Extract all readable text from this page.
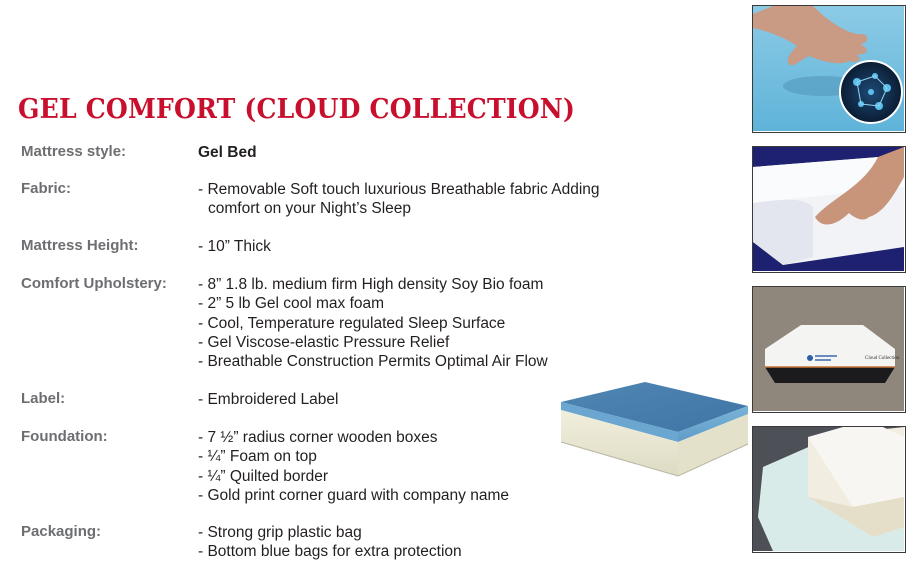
GEL COMFORT (CLOUD COLLECTION)
Mattress style:	Gel Bed
Fabric:	- Removable Soft touch luxurious Breathable fabric Adding
comfort on your Night’s Sleep
Mattress Height:	- 10” Thick
Comfort Upholstery: - 8” 1.8 lb. medium firm High density Soy Bio foam
- 2” 5 lb Gel cool max foam
- Cool, Temperature regulated Sleep Surface
- Gel Viscose-elastic Pressure Relief
- Breathable Construction Permits Optimal Air Flow
Label:	- Embroidered Label
Foundation:	- 7 ½” radius corner wooden boxes
- ¼” Foam on top
- ¼” Quilted border
- Gold print corner guard with company name
Packaging:	- Strong grip plastic bag
- Bottom blue bags for extra protection
Cloud Collection
